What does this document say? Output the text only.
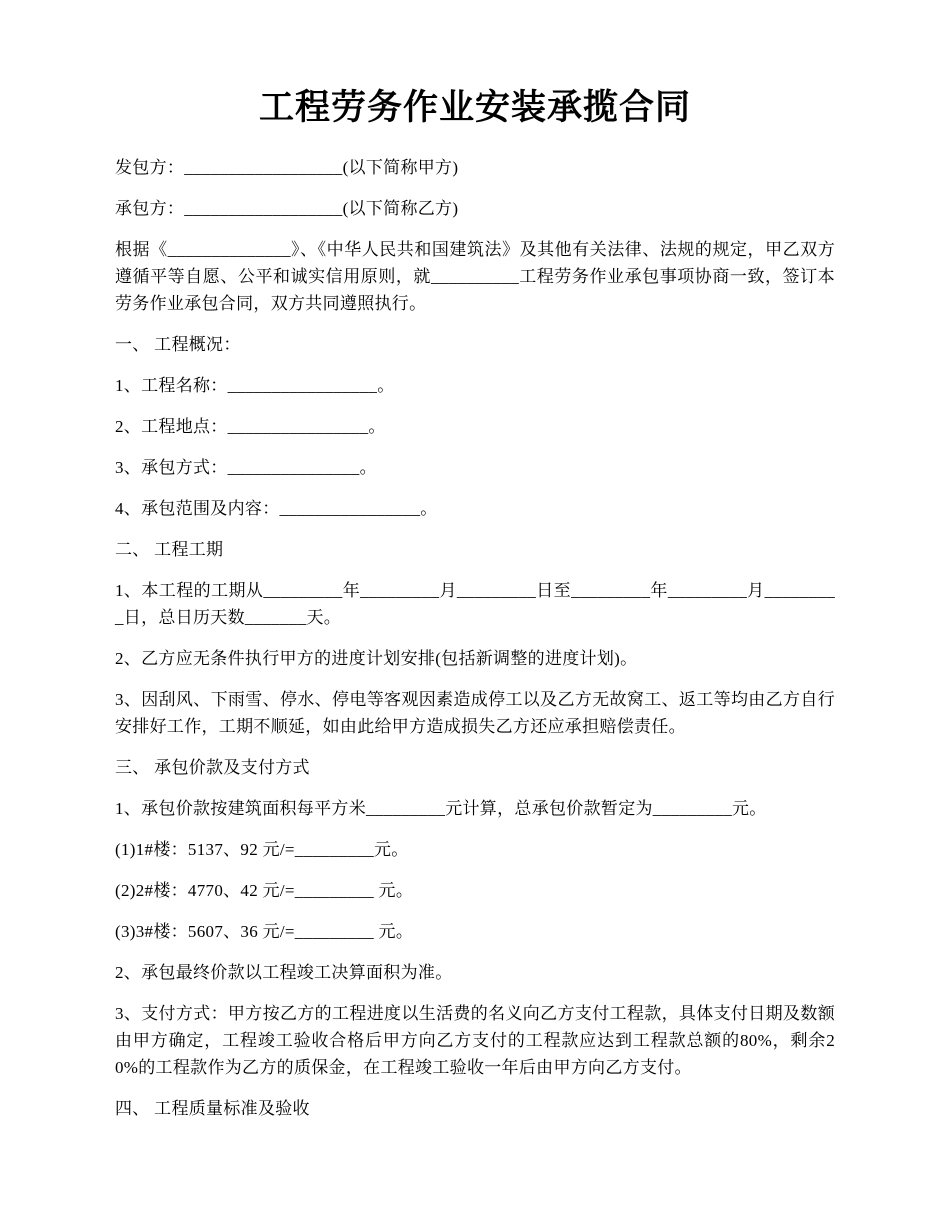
工程劳务作业安装承揽合同

发包方：__________________(以下简称甲方)

承包方：__________________(以下简称乙方)

根据《______________》、《中华人民共和国建筑法》及其他有关法律、法规的规定，甲乙双方遵循平等自愿、公平和诚实信用原则，就__________工程劳务作业承包事项协商一致，签订本劳务作业承包合同，双方共同遵照执行。

一、 工程概况：

1、工程名称：_________________。

2、工程地点：________________。

3、承包方式：_______________。

4、承包范围及内容：________________。

二、 工程工期

1、本工程的工期从_________年_________月_________日至_________年_________月_________日，总日历天数_______天。

2、乙方应无条件执行甲方的进度计划安排(包括新调整的进度计划)。

3、因刮风、下雨雪、停水、停电等客观因素造成停工以及乙方无故窝工、返工等均由乙方自行安排好工作，工期不顺延，如由此给甲方造成损失乙方还应承担赔偿责任。

三、 承包价款及支付方式

1、承包价款按建筑面积每平方米_________元计算，总承包价款暂定为_________元。

(1)1#楼：5137、92 元/=_________元。

(2)2#楼：4770、42 元/=_________ 元。

(3)3#楼：5607、36 元/=_________ 元。

2、承包最终价款以工程竣工决算面积为准。

3、支付方式：甲方按乙方的工程进度以生活费的名义向乙方支付工程款，具体支付日期及数额由甲方确定，工程竣工验收合格后甲方向乙方支付的工程款应达到工程款总额的80%，剩余20%的工程款作为乙方的质保金，在工程竣工验收一年后由甲方向乙方支付。

四、 工程质量标准及验收
